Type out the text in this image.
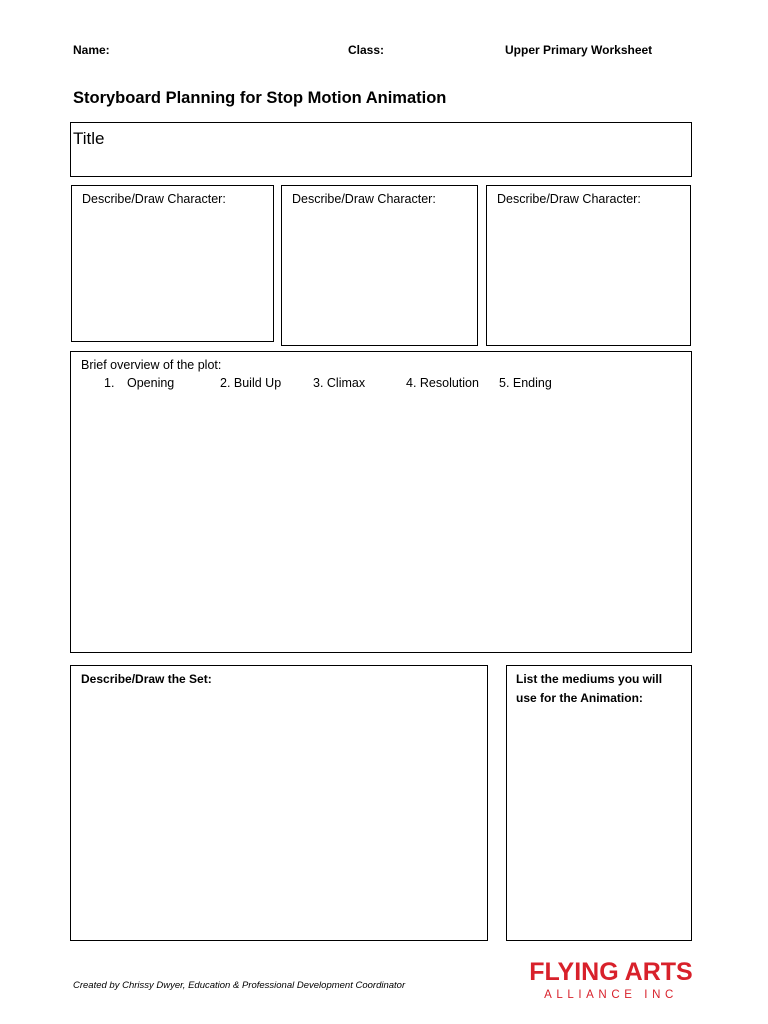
Name:	Class:	Upper Primary Worksheet
Storyboard Planning for Stop Motion Animation
Title
Describe/Draw Character:	Describe/Draw Character:	Describe/Draw Character:
Brief overview of the plot:
1. Opening	2. Build Up	3. Climax	4. Resolution 5. Ending
Describe/Draw the Set:	List the mediums you will use for the Animation:
Created by Chrissy Dwyer, Education & Professional Development Coordinator	FLYING ARTS
ALLIANCE INC
